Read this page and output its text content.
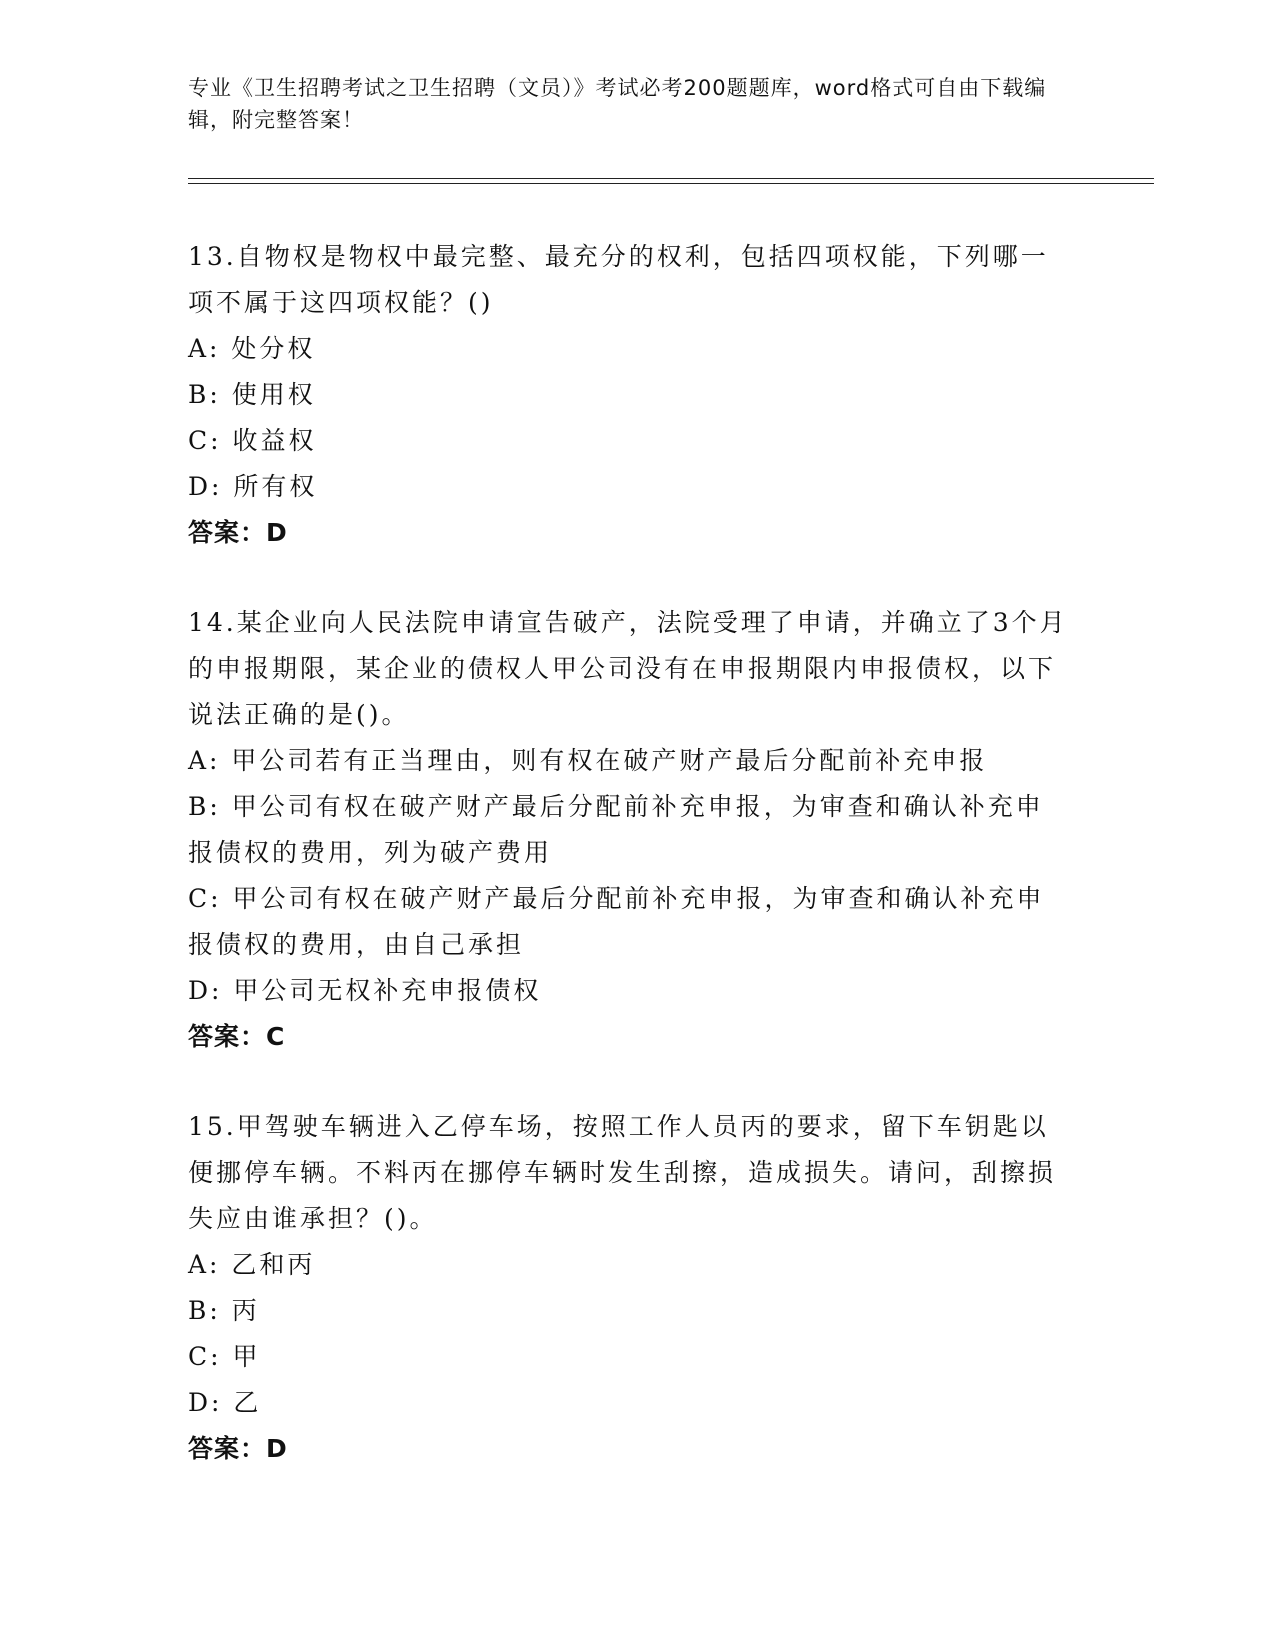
专业《卫生招聘考试之卫生招聘（文员）》考试必考200题题库，word格式可自由下载编辑，附完整答案！
13.自物权是物权中最完整、最充分的权利，包括四项权能，下列哪一项不属于这四项权能？()
A: 处分权
B: 使用权
C: 收益权
D: 所有权
答案：D
14.某企业向人民法院申请宣告破产，法院受理了申请，并确立了3个月的申报期限，某企业的债权人甲公司没有在申报期限内申报债权，以下说法正确的是()。
A: 甲公司若有正当理由，则有权在破产财产最后分配前补充申报
B: 甲公司有权在破产财产最后分配前补充申报，为审查和确认补充申报债权的费用，列为破产费用
C: 甲公司有权在破产财产最后分配前补充申报，为审查和确认补充申报债权的费用，由自己承担
D: 甲公司无权补充申报债权
答案：C
15.甲驾驶车辆进入乙停车场，按照工作人员丙的要求，留下车钥匙以便挪停车辆。不料丙在挪停车辆时发生刮擦，造成损失。请问，刮擦损失应由谁承担？()。
A: 乙和丙
B: 丙
C: 甲
D: 乙
答案：D
